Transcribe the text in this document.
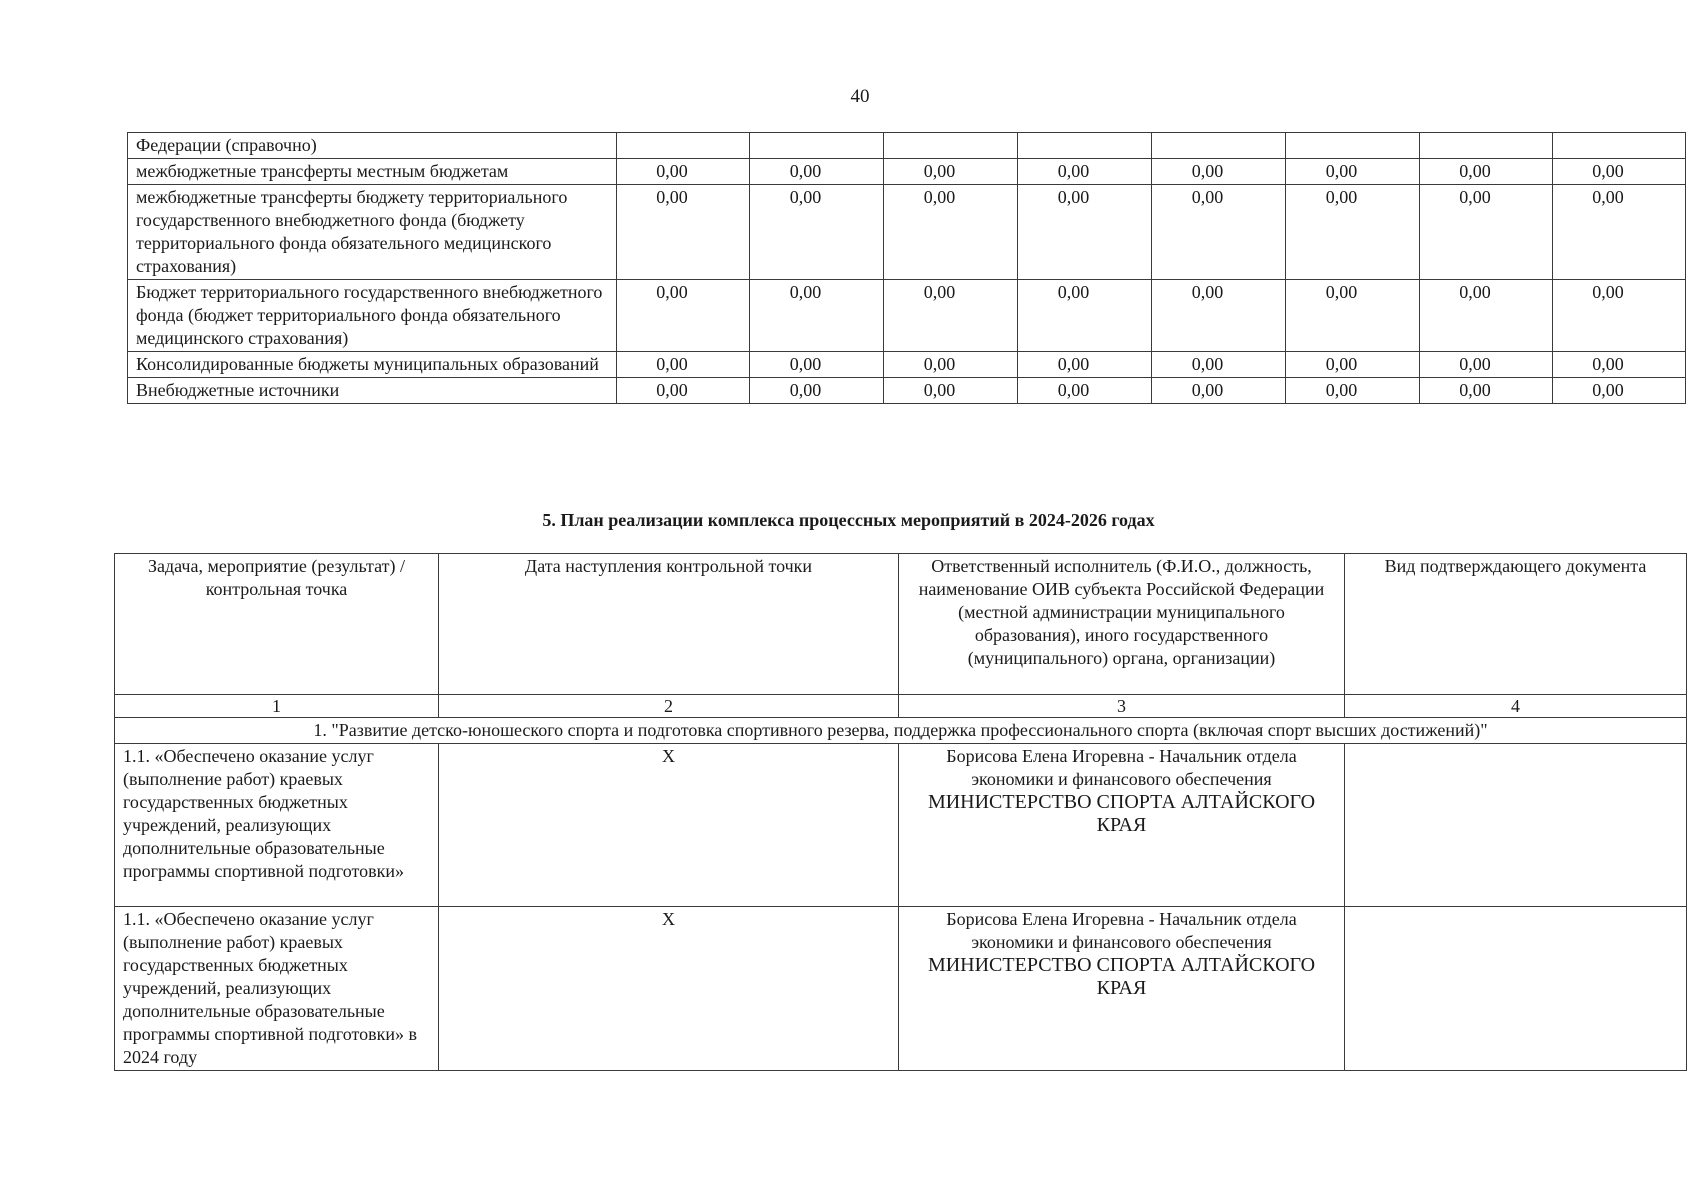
40
Федерации (справочно)								
межбюджетные трансферты местным бюджетам	0,00	0,00	0,00	0,00	0,00	0,00	0,00	0,00
межбюджетные трансферты бюджету территориального государственного внебюджетного фонда (бюджету территориального фонда обязательного медицинского страхования)	0,00	0,00	0,00	0,00	0,00	0,00	0,00	0,00
Бюджет территориального государственного внебюджетного фонда (бюджет территориального фонда обязательного медицинского страхования)	0,00	0,00	0,00	0,00	0,00	0,00	0,00	0,00
Консолидированные бюджеты муниципальных образований	0,00	0,00	0,00	0,00	0,00	0,00	0,00	0,00
Внебюджетные источники	0,00	0,00	0,00	0,00	0,00	0,00	0,00	0,00
5. План реализации комплекса процессных мероприятий в 2024-2026 годах
Задача, мероприятие (результат) / контрольная точка	Дата наступления контрольной точки	Ответственный исполнитель (Ф.И.О., должность, наименование ОИВ субъекта Российской Федерации (местной администрации муниципального образования), иного государственного (муниципального) органа, организации)	Вид подтверждающего документа
1	2	3	4
1. "Развитие детско-юношеского спорта и подготовка спортивного резерва, поддержка профессионального спорта (включая спорт высших достижений)"			
1.1. «Обеспечено оказание услуг (выполнение работ) краевых государственных бюджетных учреждений, реализующих дополнительные образовательные программы спортивной подготовки»	Х	Борисова Елена Игоревна - Начальник отдела экономики и финансового обеспечения
МИНИСТЕРСТВО СПОРТА АЛТАЙСКОГО КРАЯ	

1.1. «Обеспечено оказание услуг (выполнение работ) краевых государственных бюджетных учреждений, реализующих дополнительные образовательные программы спортивной подготовки» в 2024 году	Х	Борисова Елена Игоревна - Начальник отдела экономики и финансового обеспечения
МИНИСТЕРСТВО СПОРТА АЛТАЙСКОГО КРАЯ	
